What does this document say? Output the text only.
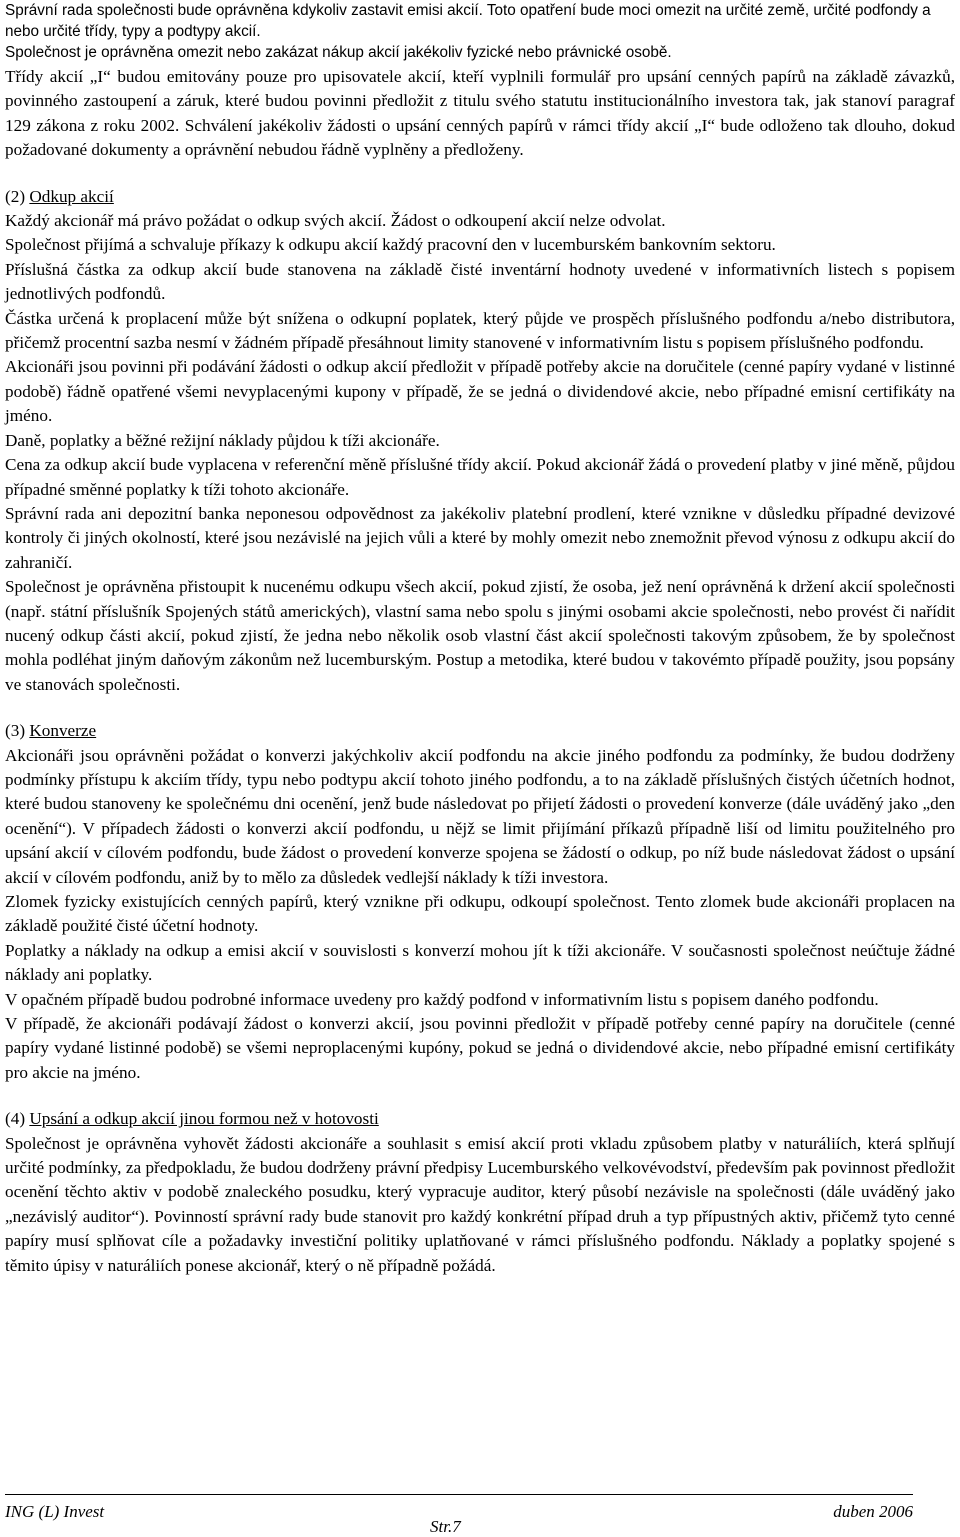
Správní rada společnosti bude oprávněna kdykoliv zastavit emisi akcií. Toto opatření bude moci omezit na určité země, určité podfondy a nebo určité třídy, typy a podtypy akcií.

Společnost je oprávněna omezit nebo zakázat nákup akcií jakékoliv fyzické nebo právnické osobě.

Třídy akcií „I“ budou emitovány pouze pro upisovatele akcií, kteří vyplnili formulář pro upsání cenných papírů na základě závazků, povinného zastoupení a záruk, které budou povinni předložit z titulu svého statutu institucionálního investora tak, jak stanoví paragraf 129 zákona z roku 2002. Schválení jakékoliv žádosti o upsání cenných papírů v rámci třídy akcií „I“ bude odloženo tak dlouho, dokud požadované dokumenty a oprávnění nebudou řádně vyplněny a předloženy.

(2) Odkup akcií

Každý akcionář má právo požádat o odkup svých akcií. Žádost o odkoupení akcií nelze odvolat.

Společnost přijímá a schvaluje příkazy k odkupu akcií každý pracovní den v lucemburském bankovním sektoru.

Příslušná částka za odkup akcií bude stanovena na základě čisté inventární hodnoty uvedené v informativních listech s popisem jednotlivých podfondů.

Částka určená k proplacení může být snížena o odkupní poplatek, který půjde ve prospěch příslušného podfondu a/nebo distributora, přičemž procentní sazba nesmí v žádném případě přesáhnout limity stanovené v informativním listu s popisem příslušného podfondu.

Akcionáři jsou povinni při podávání žádosti o odkup akcií předložit v případě potřeby akcie na doručitele (cenné papíry vydané v listinné podobě) řádně opatřené všemi nevyplacenými kupony v případě, že se jedná o dividendové akcie, nebo případné emisní certifikáty na jméno.

Daně, poplatky a běžné režijní náklady půjdou k tíži akcionáře.

Cena za odkup akcií bude vyplacena v referenční měně příslušné třídy akcií. Pokud akcionář žádá o provedení platby v jiné měně, půjdou případné směnné poplatky k tíži tohoto akcionáře.

Správní rada ani depozitní banka neponesou odpovědnost za jakékoliv platební prodlení, které vznikne v důsledku případné devizové kontroly či jiných okolností, které jsou nezávislé na jejich vůli a které by mohly omezit nebo znemožnit převod výnosu z odkupu akcií do zahraničí.

Společnost je oprávněna přistoupit k nucenému odkupu všech akcií, pokud zjistí, že osoba, jež není oprávněná k držení akcií společnosti (např. státní příslušník Spojených států amerických), vlastní sama nebo spolu s jinými osobami akcie společnosti, nebo provést či nařídit nucený odkup části akcií, pokud zjistí, že jedna nebo několik osob vlastní část akcií společnosti takovým způsobem, že by společnost mohla podléhat jiným daňovým zákonům než lucemburským. Postup a metodika, které budou v takovémto případě použity, jsou popsány ve stanovách společnosti.

(3) Konverze

Akcionáři jsou oprávněni požádat o konverzi jakýchkoliv akcií podfondu na akcie jiného podfondu za podmínky, že budou dodrženy podmínky přístupu k akciím třídy, typu nebo podtypu akcií tohoto jiného podfondu, a to na základě příslušných čistých účetních hodnot, které budou stanoveny ke společnému dni ocenění, jenž bude následovat po přijetí žádosti o provedení konverze (dále uváděný jako „den ocenění“). V případech žádosti o konverzi akcií podfondu, u nějž se limit přijímání příkazů případně liší od limitu použitelného pro upsání akcií v cílovém podfondu, bude žádost o provedení konverze spojena se žádostí o odkup, po níž bude následovat žádost o upsání akcií v cílovém podfondu, aniž by to mělo za důsledek vedlejší náklady k tíži investora.

Zlomek fyzicky existujících cenných papírů, který vznikne při odkupu, odkoupí společnost. Tento zlomek bude akcionáři proplacen na základě použité čisté účetní hodnoty.

Poplatky a náklady na odkup a emisi akcií v souvislosti s konverzí mohou jít k tíži akcionáře. V současnosti společnost neúčtuje žádné náklady ani poplatky.

V opačném případě budou podrobné informace uvedeny pro každý podfond v informativním listu s popisem daného podfondu.

V případě, že akcionáři podávají žádost o konverzi akcií, jsou povinni předložit v případě potřeby cenné papíry na doručitele (cenné papíry vydané listinné podobě) se všemi neproplacenými kupóny, pokud se jedná o dividendové akcie, nebo případné emisní certifikáty pro akcie na jméno.

(4) Upsání a odkup akcií jinou formou než v hotovosti

Společnost je oprávněna vyhovět žádosti akcionáře a souhlasit s emisí akcií proti vkladu způsobem platby v naturáliích, která splňují určité podmínky, za předpokladu, že budou dodrženy právní předpisy Lucemburského velkovévodství, především pak povinnost předložit ocenění těchto aktiv v podobě znaleckého posudku, který vypracuje auditor, který působí nezávisle na společnosti (dále uváděný jako „nezávislý auditor“). Povinností správní rady bude stanovit pro každý konkrétní případ druh a typ přípustných aktiv, přičemž tyto cenné papíry musí splňovat cíle a požadavky investiční politiky uplatňované v rámci příslušného podfondu. Náklady a poplatky spojené s těmito úpisy v naturáliích ponese akcionář, který o ně případně požádá.

ING (L) Invest	duben 2006
Str.7
